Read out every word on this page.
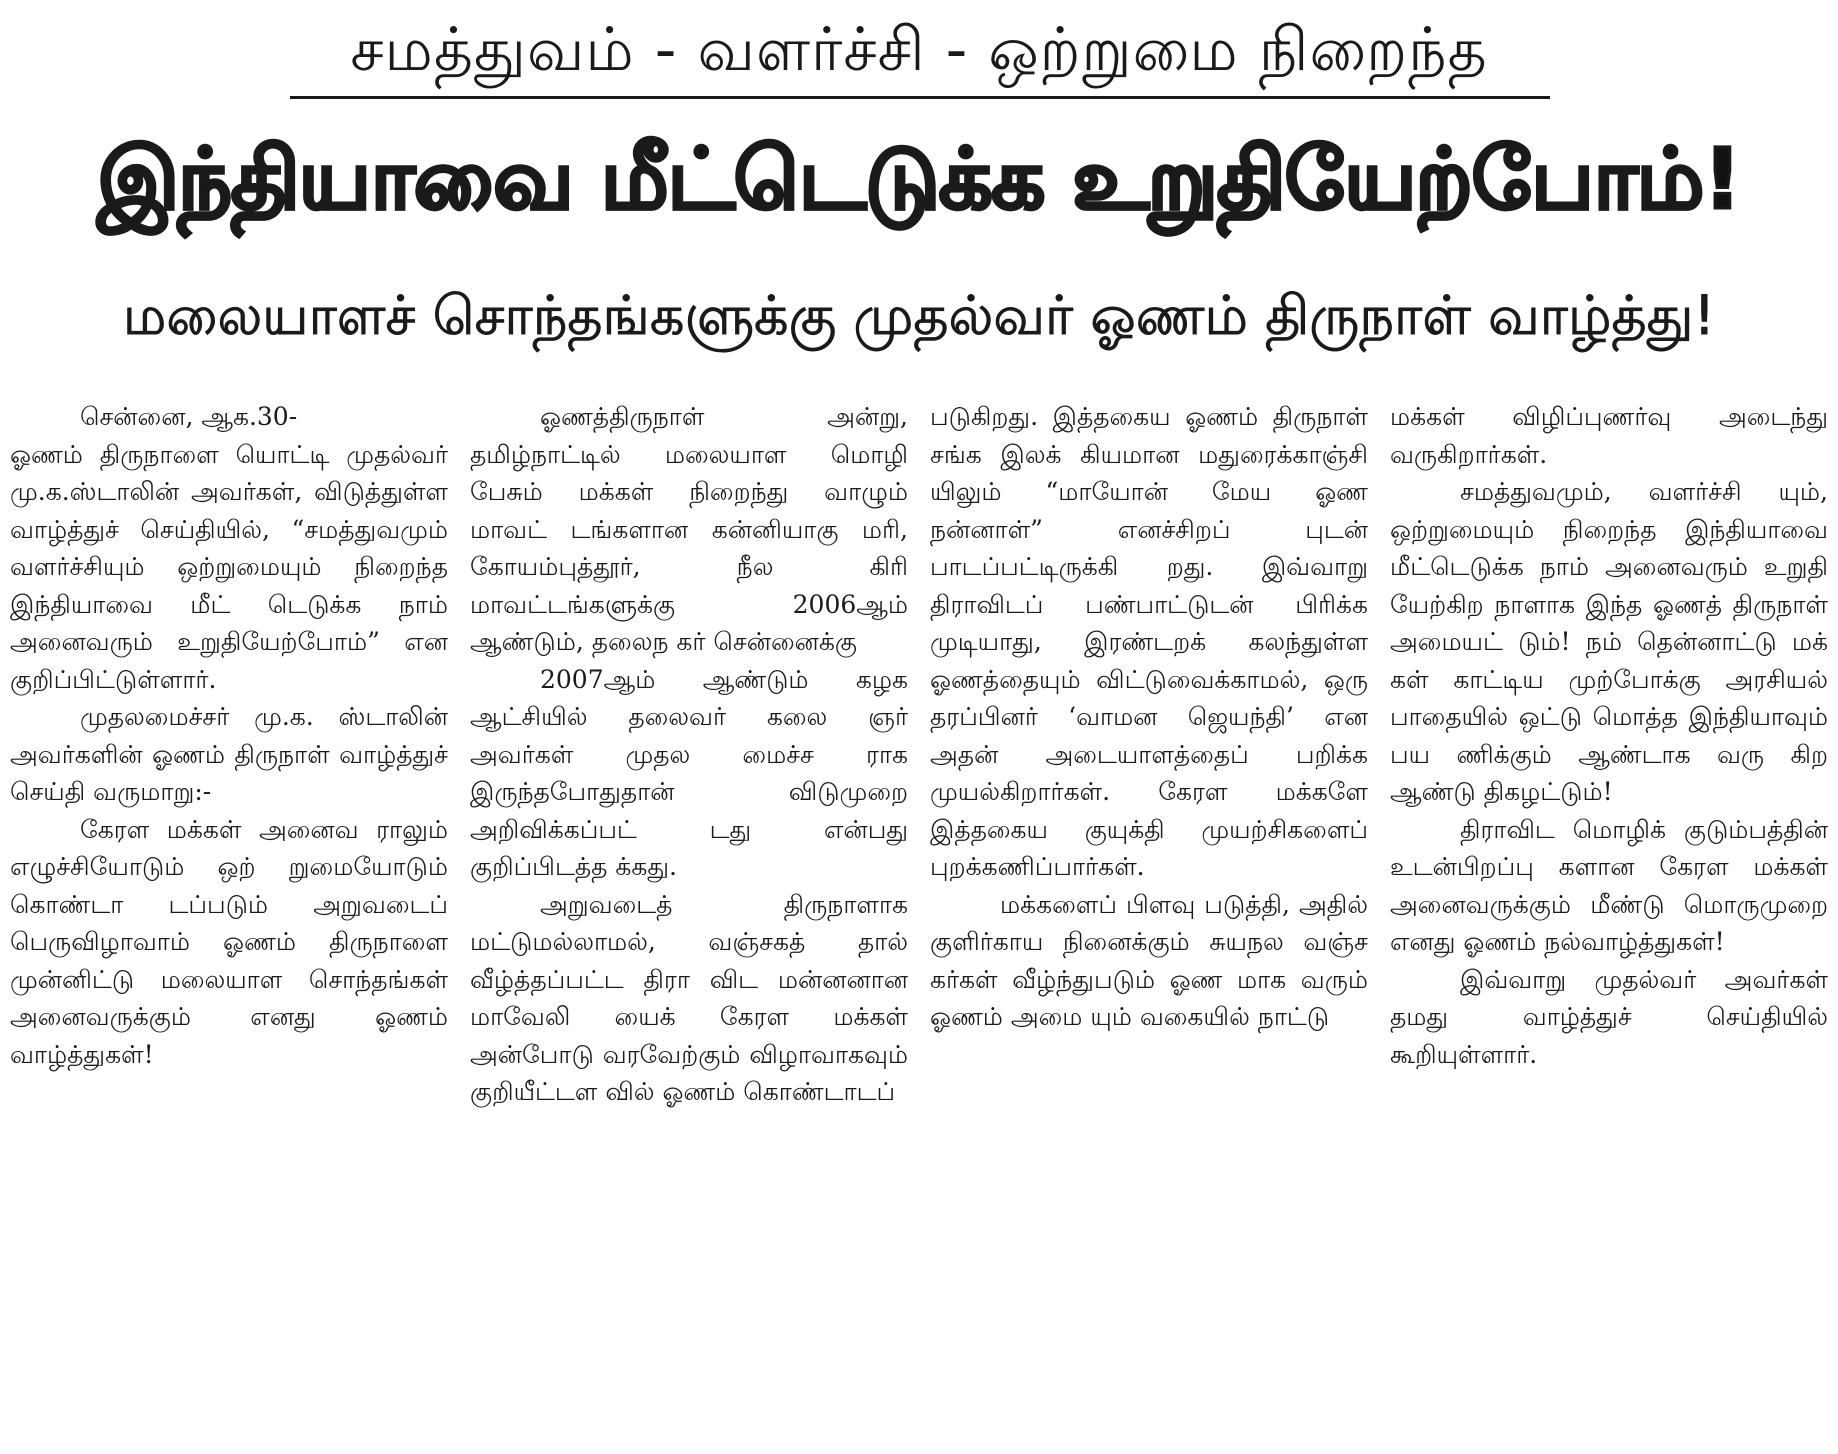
சமத்துவம் - வளர்ச்சி - ஒற்றுமை நிறைந்த
இந்தியாவை மீட்டெடுக்க உறுதியேற்போம்!
மலையாளச் சொந்தங்களுக்கு முதல்வர் ஓணம் திருநாள் வாழ்த்து!

சென்னை, ஆக.30-

ஓணம் திருநாளை யொட்டி முதல்வர் மு.க.ஸ்டாலின் அவர்கள், விடுத்துள்ள வாழ்த்துச் செய்தியில், “சமத்துவமும் வளர்ச்சியும் ஒற்றுமையும் நிறைந்த இந்தியாவை மீட் டெடுக்க நாம் அனைவரும் உறுதியேற்போம்” என குறிப்பிட்டுள்ளார்.

முதலமைச்சர் மு.க. ஸ்டாலின் அவர்களின் ஓணம் திருநாள் வாழ்த்துச் செய்தி வருமாறு:-

கேரள மக்கள் அனைவ ராலும் எழுச்சியோடும் ஒற் றுமையோடும் கொண்டா டப்படும் அறுவடைப் பெருவிழாவாம் ஓணம் திருநாளை முன்னிட்டு மலையாள சொந்தங்கள் அனைவருக்கும் எனது ஓணம் வாழ்த்துகள்!

ஓணத்திருநாள் அன்று, தமிழ்நாட்டில் மலையாள மொழி பேசும் மக்கள் நிறைந்து வாழும் மாவட் டங்களான கன்னியாகு மரி, கோயம்புத்தூர், நீல கிரி மாவட்டங்களுக்கு 2006ஆம் ஆண்டும், தலைந கர் சென்னைக்கு

2007ஆம் ஆண்டும் கழக ஆட்சியில் தலைவர் கலை ஞர் அவர்கள் முதல மைச்ச ராக இருந்தபோதுதான் விடுமுறை அறிவிக்கப்பட் டது என்பது குறிப்பிடத்த க்கது.

அறுவடைத் திருநாளாக மட்டுமல்லாமல், வஞ்சகத் தால் வீழ்த்தப்பட்ட திரா விட மன்னனான மாவேலி யைக் கேரள மக்கள் அன்போடு வரவேற்கும் விழாவாகவும் குறியீட்டள வில் ஓணம் கொண்டாடப்

படுகிறது. இத்தகைய ஓணம் திருநாள் சங்க இலக் கியமான மதுரைக்காஞ்சி யிலும் “மாயோன் மேய ஓண நன்னாள்” எனச்சிறப் புடன் பாடப்பட்டிருக்கி றது. இவ்வாறு திராவிடப் பண்பாட்டுடன் பிரிக்க முடியாது, இரண்டறக் கலந்துள்ள ஓணத்தையும் விட்டுவைக்காமல், ஒரு தரப்பினர் ‘வாமன ஜெயந்தி’ என அதன் அடையாளத்தைப் பறிக்க முயல்கிறார்கள். கேரள மக்களே இத்தகைய குயுக்தி முயற்சிகளைப் புறக்கணிப்பார்கள்.

மக்களைப் பிளவு படுத்தி, அதில் குளிர்காய நினைக்கும் சுயநல வஞ்ச கர்கள் வீழ்ந்துபடும் ஓண மாக வரும் ஓணம் அமை யும் வகையில் நாட்டு

மக்கள் விழிப்புணர்வு அடைந்து வருகிறார்கள்.

சமத்துவமும், வளர்ச்சி யும், ஒற்றுமையும் நிறைந்த இந்தியாவை மீட்டெடுக்க நாம் அனைவரும் உறுதி யேற்கிற நாளாக இந்த ஓணத் திருநாள் அமையட் டும்! நம் தென்னாட்டு மக் கள் காட்டிய முற்போக்கு அரசியல் பாதையில் ஒட்டு மொத்த இந்தியாவும் பய ணிக்கும் ஆண்டாக வரு கிற ஆண்டு திகழட்டும்!

திராவிட மொழிக் குடும்பத்தின் உடன்பிறப்பு களான கேரள மக்கள் அனைவருக்கும் மீண்டு மொருமுறை எனது ஓணம் நல்வாழ்த்துகள்!

இவ்வாறு முதல்வர் அவர்கள் தமது வாழ்த்துச் செய்தியில் கூறியுள்ளார்.
